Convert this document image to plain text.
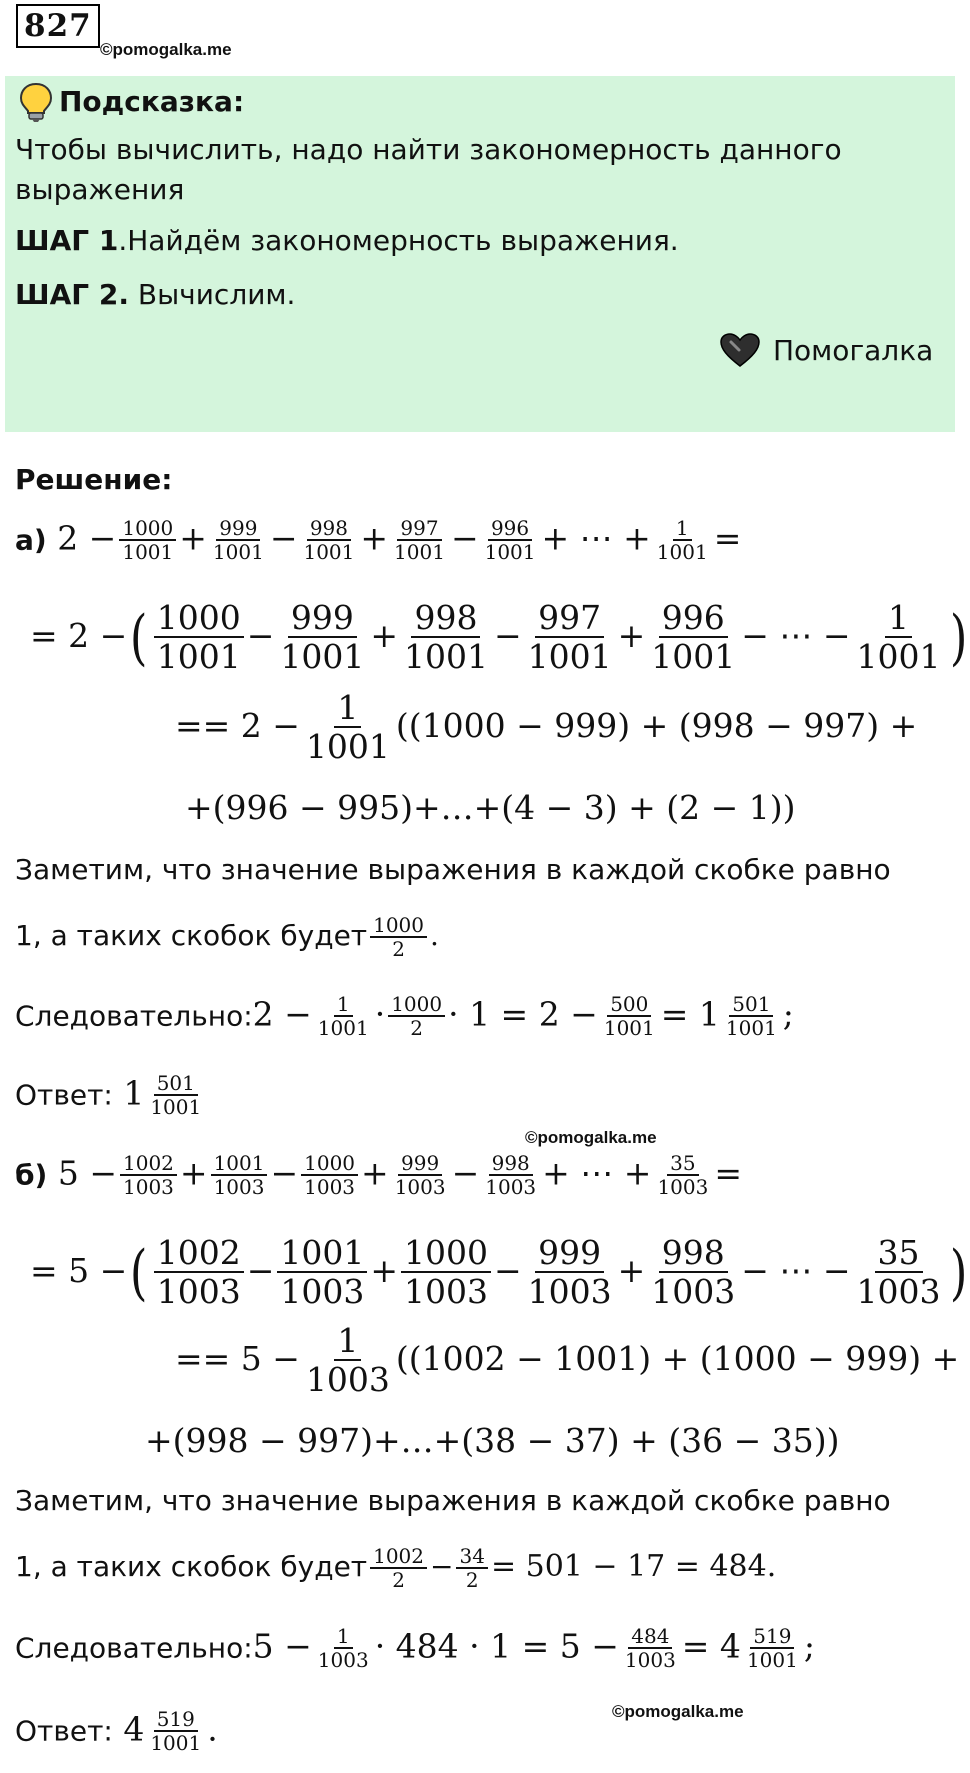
827
©pomogalka.me
Подсказка:
Чтобы вычислить, надо найти закономерность данного выражения
ШАГ 1.Найдём закономерность выражения.
ШАГ 2. Вычислим.
Помогалка
Решение:
а) $2 - \frac{1000}{1001} + \frac{999}{1001} - \frac{998}{1001} + \frac{997}{1001} - \frac{996}{1001}$ + ⋯ + $\frac{1}{1001}$ =
= 2 −( $\frac{1000}{1001} - \frac{999}{1001} + \frac{998}{1001} - \frac{997}{1001} + \frac{996}{1001}$ − ⋯ − $\frac{1}{1001}$ )
== $2 - \frac{1}{1001} ((1000 - 999) + (998 - 997)$ +
+(996 − 995)+…+(4 − 3) + (2 − 1))
Заметим, что значение выражения в каждой скобке равно
1, а таких скобок будет $\frac{1000}{2}$ .
Следовательно:2 − $\frac{1}{1001} \cdot \frac{1000}{2} \cdot 1 = 2 - \frac{500}{1001} = 1 \frac{501}{1001}$ ;
Ответ: $1 \frac{501}{1001}$
©pomogalka.me
б) $5 - \frac{1002}{1003} + \frac{1001}{1003} - \frac{1000}{1003} + \frac{999}{1003} - \frac{998}{1003}$ + ⋯ + $\frac{35}{1003}$ =
= 5 −( $\frac{1002}{1003} - \frac{1001}{1003} + \frac{1000}{1003} - \frac{999}{1003} + \frac{998}{1003}$ − ⋯ − $\frac{35}{1003}$ )
== $5 - \frac{1}{1003} ((1002 - 1001) + (1000 - 999)$ +
+(998 − 997)+…+(38 − 37) + (36 − 35))
Заметим, что значение выражения в каждой скобке равно
1, а таких скобок будет $\frac{1002}{2} - \frac{34}{2} = 501 - 17 = 484$.
Следовательно:5 − $\frac{1}{1003} \cdot 484 \cdot 1 = 5 - \frac{484}{1003} = 4 \frac{519}{1001}$ ;
©pomogalka.me
Ответ: $4 \frac{519}{1001}$ .
